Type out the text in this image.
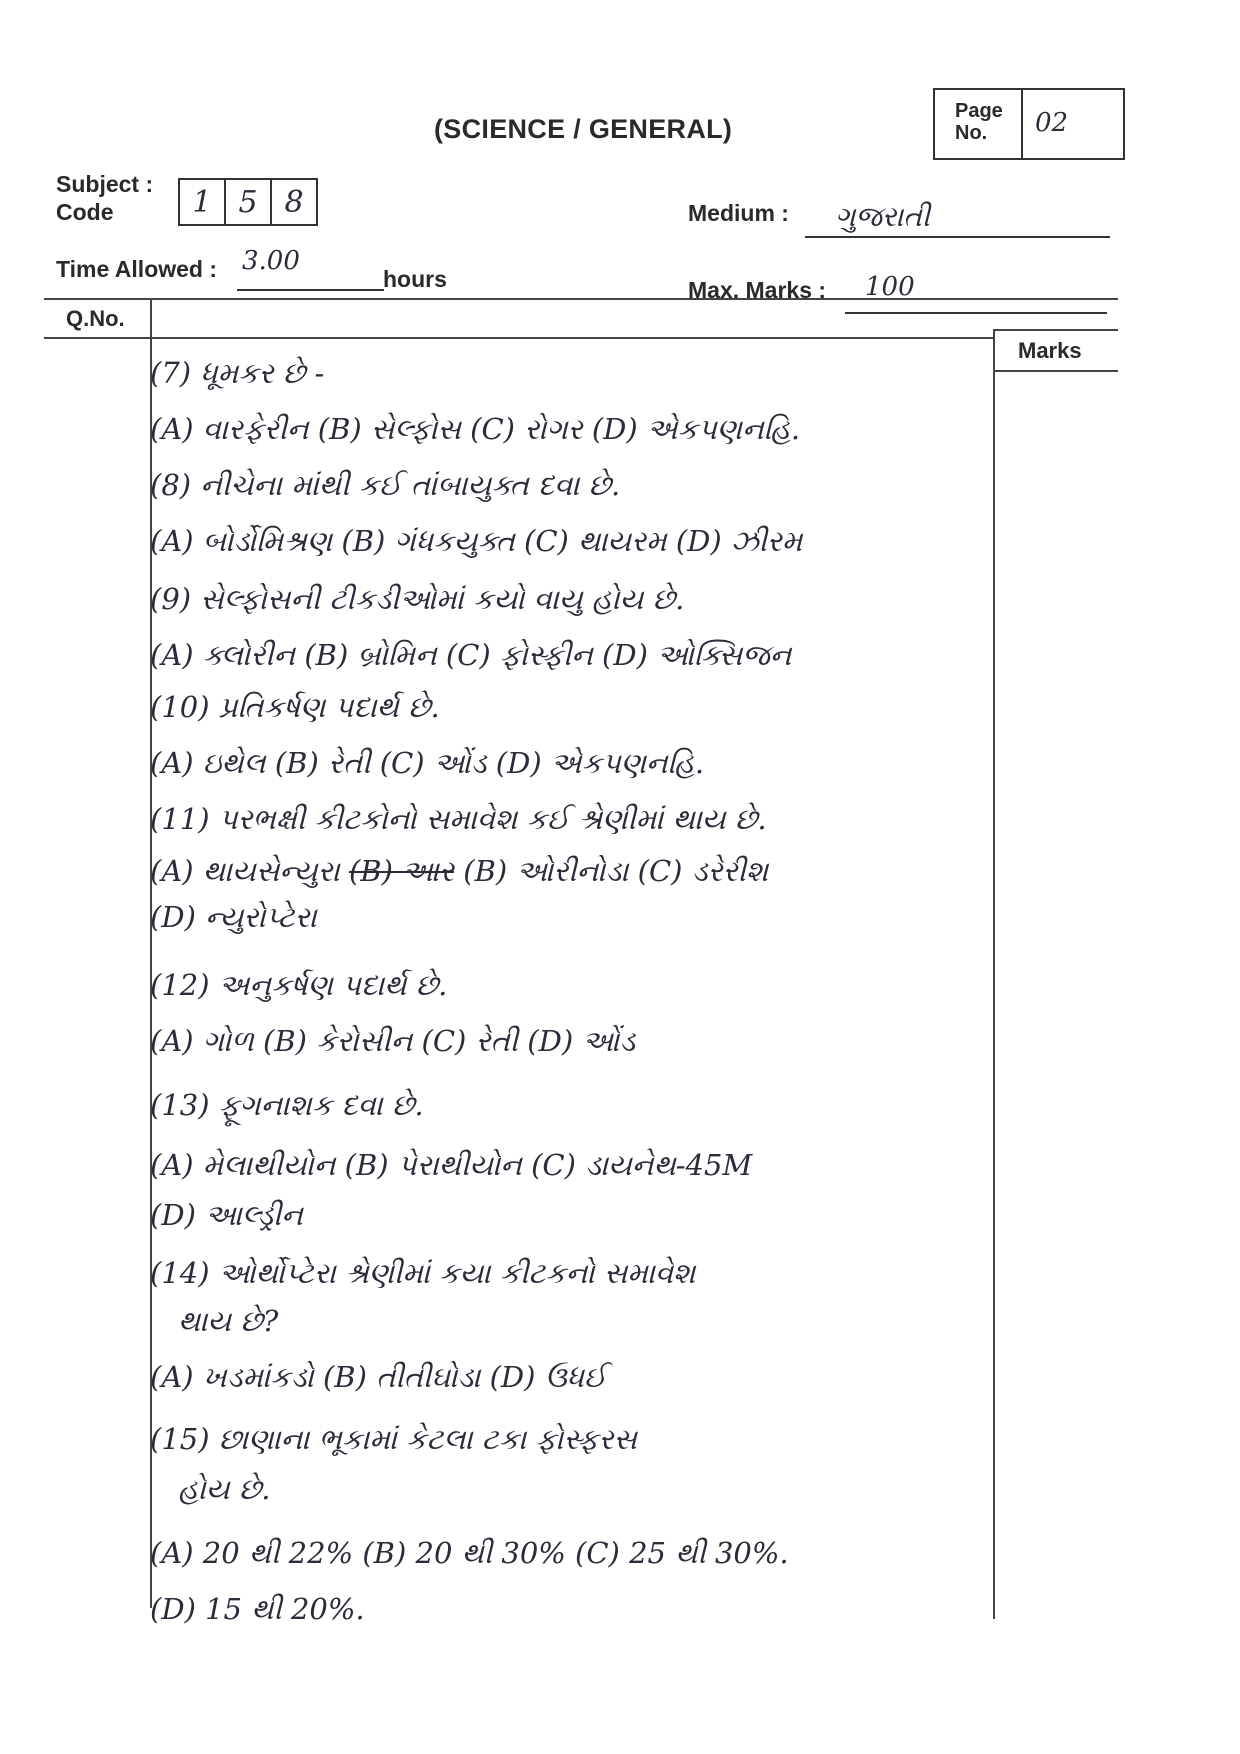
(SCIENCE / GENERAL)
Page
No.	02
Subject :
Code	1 5 8	Medium : ગુજરાતી
Time Allowed : 3.00
hours	Max. Marks : 100
Q.No.
Marks
(7) ધૂમકર છે -
(A) વારફેરીન (B) સેલ્ફોસ (C) રોગર (D) એકપણનહિ.
(8) નીચેના માંથી કઈ તાંબાયુક્ત દવા છે.
(A) બોર્ડોમિશ્રણ (B) ગંધકયુક્ત (C) થાયરમ (D) ઝીરમ
(9) સેલ્ફોસની ટીકડીઓમાં કયો વાયુ હોય છે.
(A) ક્લોરીન (B) બ્રોમિન (C) ફોસ્ફીન (D) ઓક્સિજન
(10) પ્રતિકર્ષણ પદાર્થ છે.
(A) ઇથેલ (B) રેતી (C) ઓંડ (D) એકપણનહિ.
(11) પરભક્ષી કીટકોનો સમાવેશ કઈ શ્રેણીમાં થાય છે.
(A) થાયસેન્યુરા (B) આર (B) ઓરીનોડા (C) ડરેરીશ
(D) ન્યુરોપ્ટેરા
(12) અનુકર્ષણ પદાર્થ છે.
(A) ગોળ (B) કેરોસીન (C) રેતી (D) ઓંડ
(13) ફૂગનાશક દવા છે.
(A) મેલાથીયોન (B) પેરાથીયોન (C) ડાયનેથ-45M
(D) આલ્ડ્રીન
(14) ઓર્થોપ્ટેરા શ્રેણીમાં કયા કીટકનો સમાવેશ
થાય છે?
(A) ખડમાંકડો (B) તીતીઘોડા (D) ઉધઈ
(15) છાણાના ભૂકામાં કેટલા ટકા ફોસ્ફરસ
હોય છે.
(A) 20 થી 22% (B) 20 થી 30% (C) 25 થી 30%.
(D) 15 થી 20%.
